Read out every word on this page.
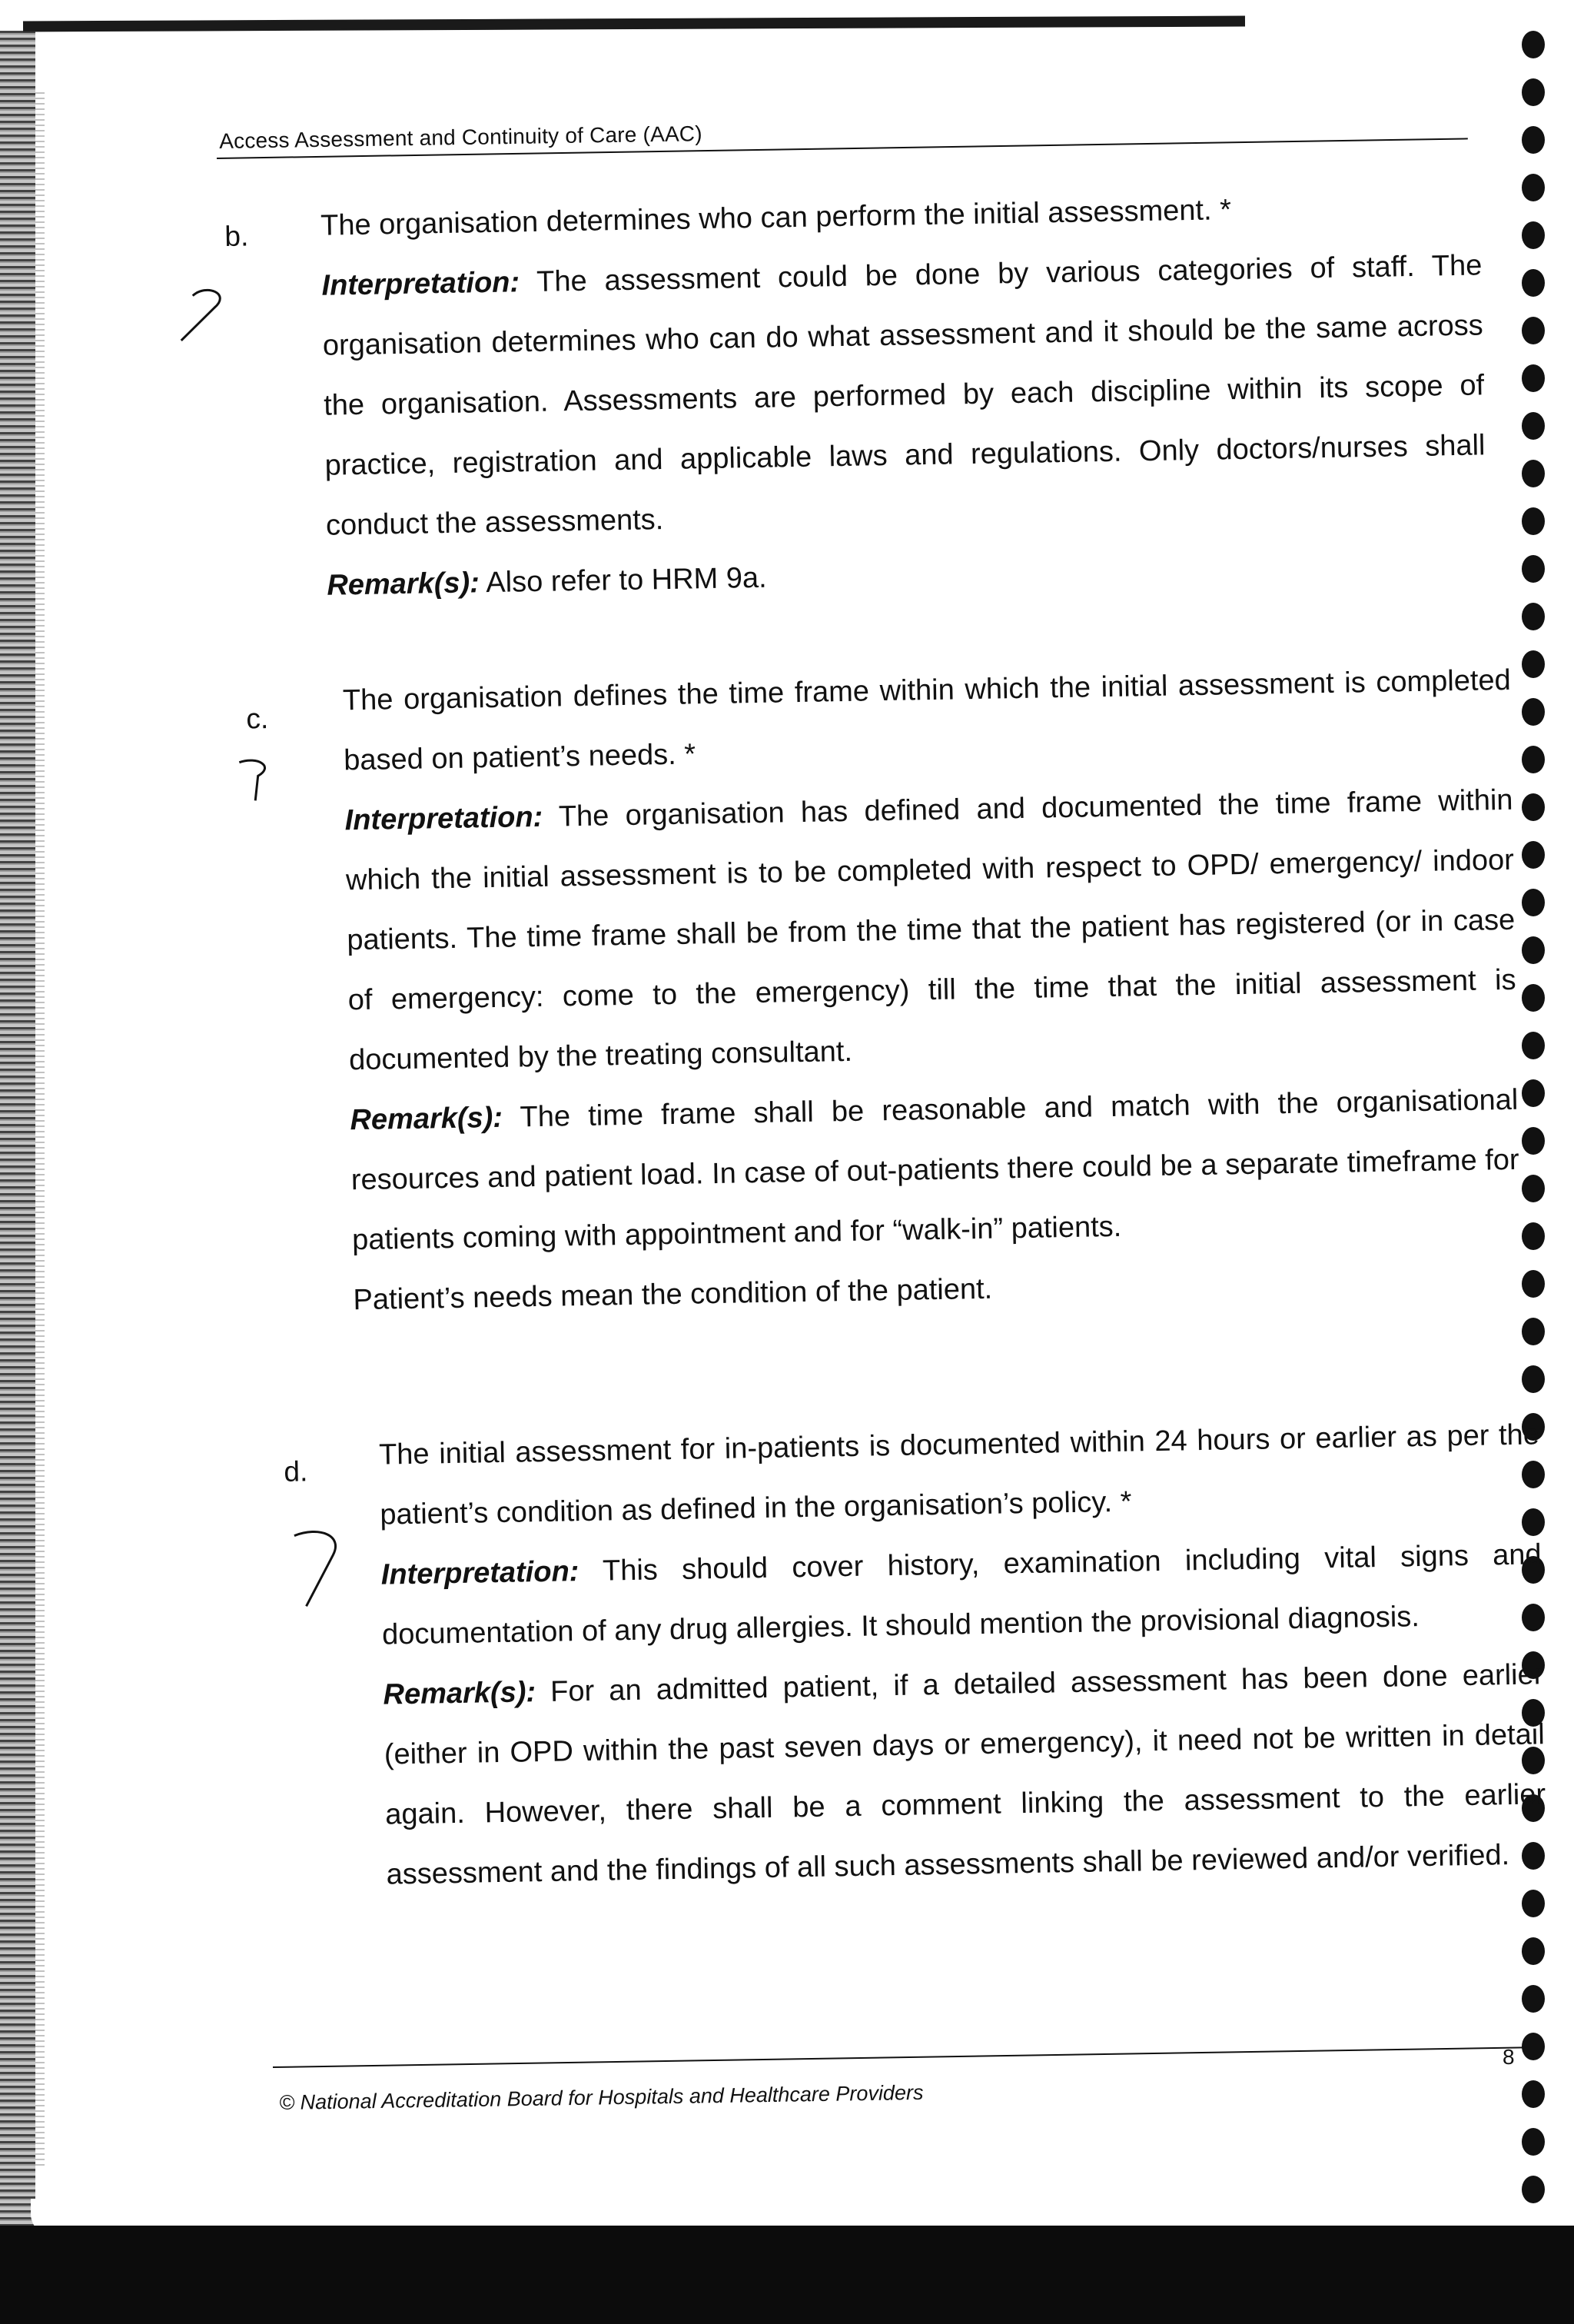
Access Assessment and Continuity of Care (AAC)
b. The organisation determines who can perform the initial assessment. *

Interpretation: The assessment could be done by various categories of staff. The organisation determines who can do what assessment and it should be the same across the organisation. Assessments are performed by each discipline within its scope of practice, registration and applicable laws and regulations. Only doctors/nurses shall conduct the assessments.

Remark(s): Also refer to HRM 9a.

c.

The organisation defines the time frame within which the initial assessment is completed based on patient’s needs. *

Interpretation: The organisation has defined and documented the time frame within which the initial assessment is to be completed with respect to OPD/ emergency/ indoor patients. The time frame shall be from the time that the patient has registered (or in case of emergency: come to the emergency) till the time that the initial assessment is documented by the treating consultant.

Remark(s): The time frame shall be reasonable and match with the organisational resources and patient load. In case of out-patients there could be a separate timeframe for patients coming with appointment and for “walk-in” patients.

Patient’s needs mean the condition of the patient.

d.

The initial assessment for in-patients is documented within 24 hours or earlier as per the patient’s condition as defined in the organisation’s policy. *

Interpretation: This should cover history, examination including vital signs and documentation of any drug allergies. It should mention the provisional diagnosis.

Remark(s): For an admitted patient, if a detailed assessment has been done earlier (either in OPD within the past seven days or emergency), it need not be written in detail again. However, there shall be a comment linking the assessment to the earlier assessment and the findings of all such assessments shall be reviewed and/or verified.

© National Accreditation Board for Hospitals and Healthcare Providers
8
